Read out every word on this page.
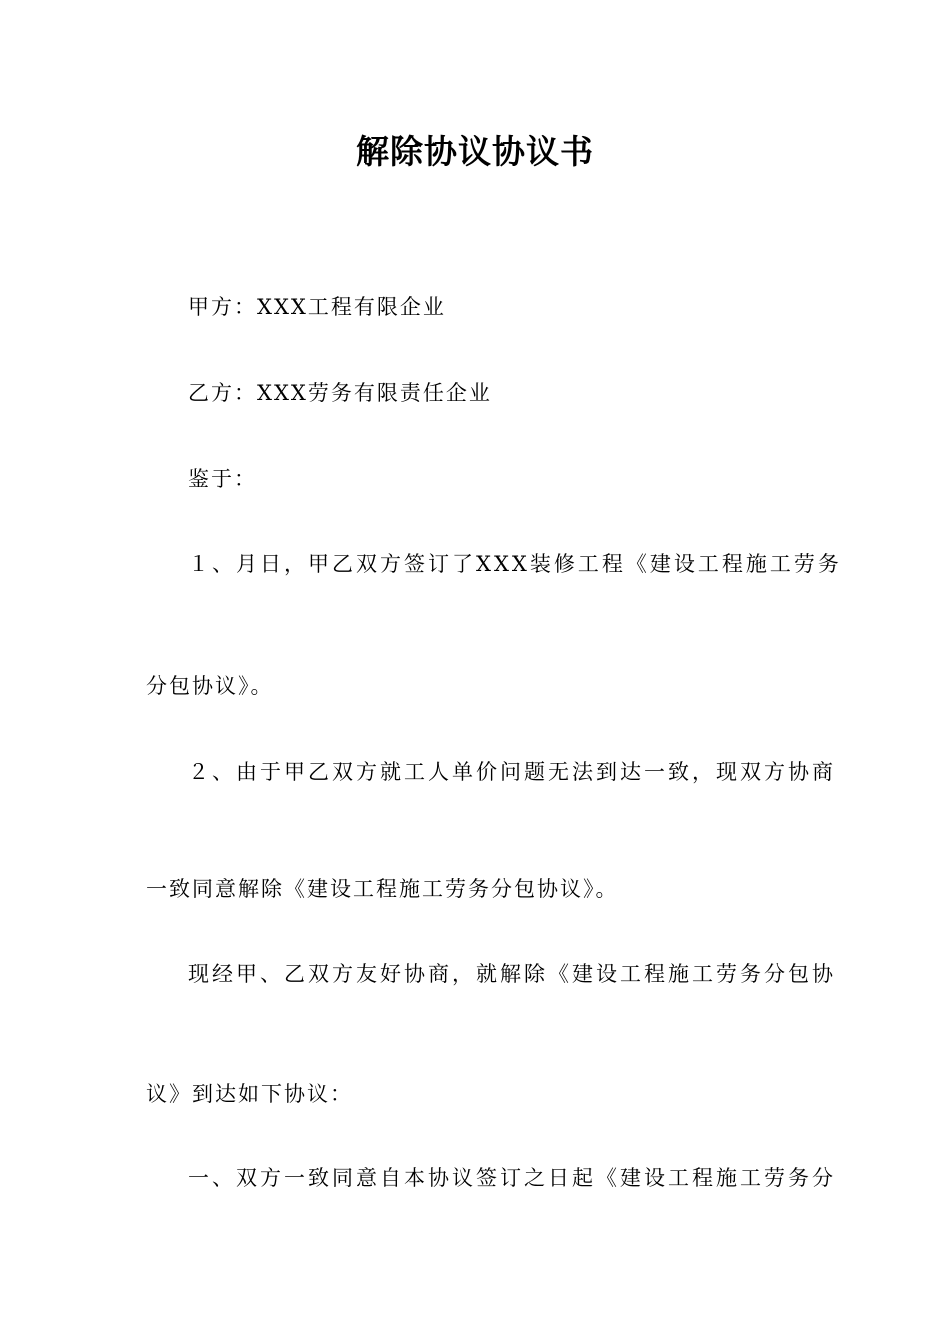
解除协议协议书
甲方：XXX工程有限企业
乙方：XXX劳务有限责任企业
鉴于：
１、月日，甲乙双方签订了XXX装修工程《建设工程施工劳务
分包协议》。
２、由于甲乙双方就工人单价问题无法到达一致，现双方协商
一致同意解除《建设工程施工劳务分包协议》。
现经甲、乙双方友好协商，就解除《建设工程施工劳务分包协
议》到达如下协议：
一、双方一致同意自本协议签订之日起《建设工程施工劳务分
